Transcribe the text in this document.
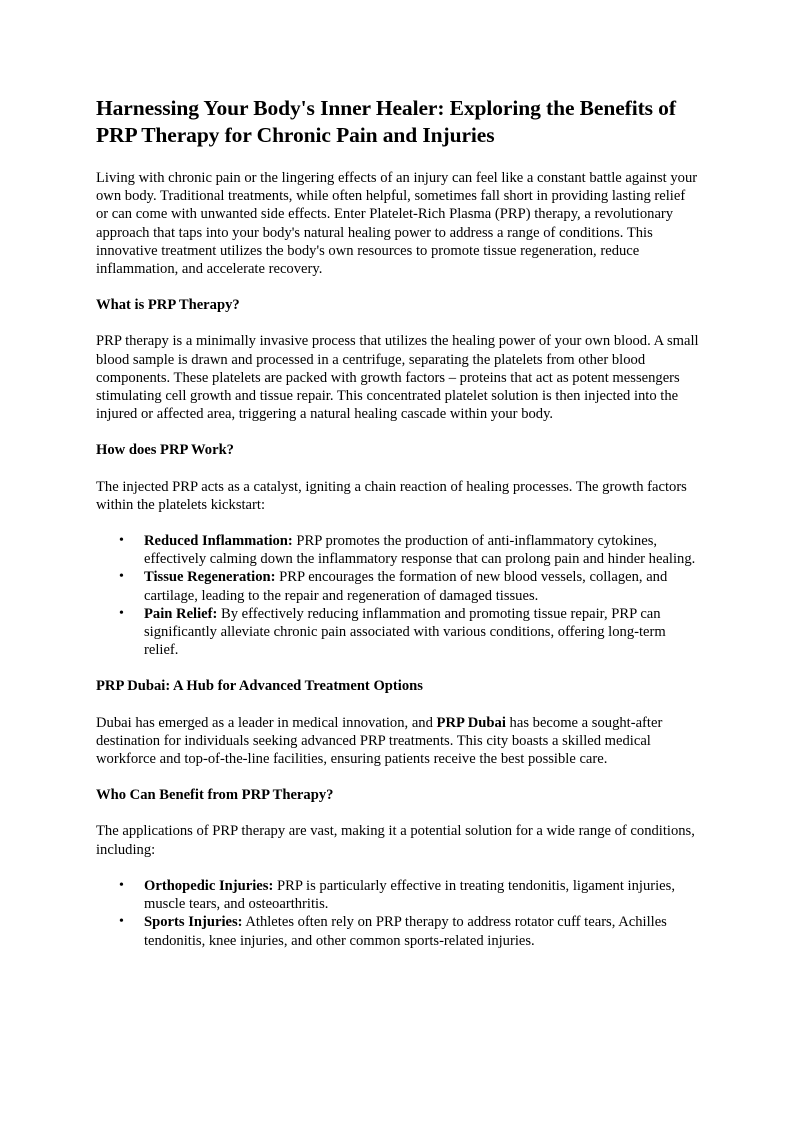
Harnessing Your Body's Inner Healer: Exploring the Benefits of PRP Therapy for Chronic Pain and Injuries

Living with chronic pain or the lingering effects of an injury can feel like a constant battle against your own body. Traditional treatments, while often helpful, sometimes fall short in providing lasting relief or can come with unwanted side effects. Enter Platelet-Rich Plasma (PRP) therapy, a revolutionary approach that taps into your body's natural healing power to address a range of conditions. This innovative treatment utilizes the body's own resources to promote tissue regeneration, reduce inflammation, and accelerate recovery.

What is PRP Therapy?

PRP therapy is a minimally invasive process that utilizes the healing power of your own blood. A small blood sample is drawn and processed in a centrifuge, separating the platelets from other blood components. These platelets are packed with growth factors – proteins that act as potent messengers stimulating cell growth and tissue repair. This concentrated platelet solution is then injected into the injured or affected area, triggering a natural healing cascade within your body.

How does PRP Work?

The injected PRP acts as a catalyst, igniting a chain reaction of healing processes. The growth factors within the platelets kickstart:

• Reduced Inflammation: PRP promotes the production of anti-inflammatory cytokines, effectively calming down the inflammatory response that can prolong pain and hinder healing.
• Tissue Regeneration: PRP encourages the formation of new blood vessels, collagen, and cartilage, leading to the repair and regeneration of damaged tissues.
• Pain Relief: By effectively reducing inflammation and promoting tissue repair, PRP can significantly alleviate chronic pain associated with various conditions, offering long-term relief.
PRP Dubai: A Hub for Advanced Treatment Options

Dubai has emerged as a leader in medical innovation, and PRP Dubai has become a sought-after destination for individuals seeking advanced PRP treatments. This city boasts a skilled medical workforce and top-of-the-line facilities, ensuring patients receive the best possible care.

Who Can Benefit from PRP Therapy?

The applications of PRP therapy are vast, making it a potential solution for a wide range of conditions, including:

• Orthopedic Injuries: PRP is particularly effective in treating tendonitis, ligament injuries, muscle tears, and osteoarthritis.
• Sports Injuries: Athletes often rely on PRP therapy to address rotator cuff tears, Achilles tendonitis, knee injuries, and other common sports-related injuries.
